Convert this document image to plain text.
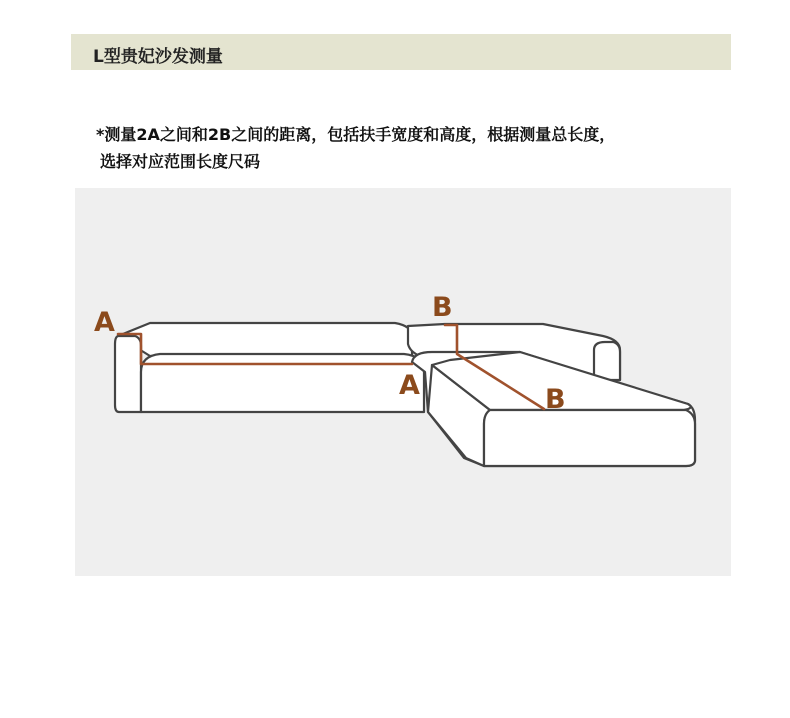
L型贵妃沙发测量
*测量2A之间和2B之间的距离，包括扶手宽度和高度，根据测量总长度，
选择对应范围长度尺码
A
A
B
B
